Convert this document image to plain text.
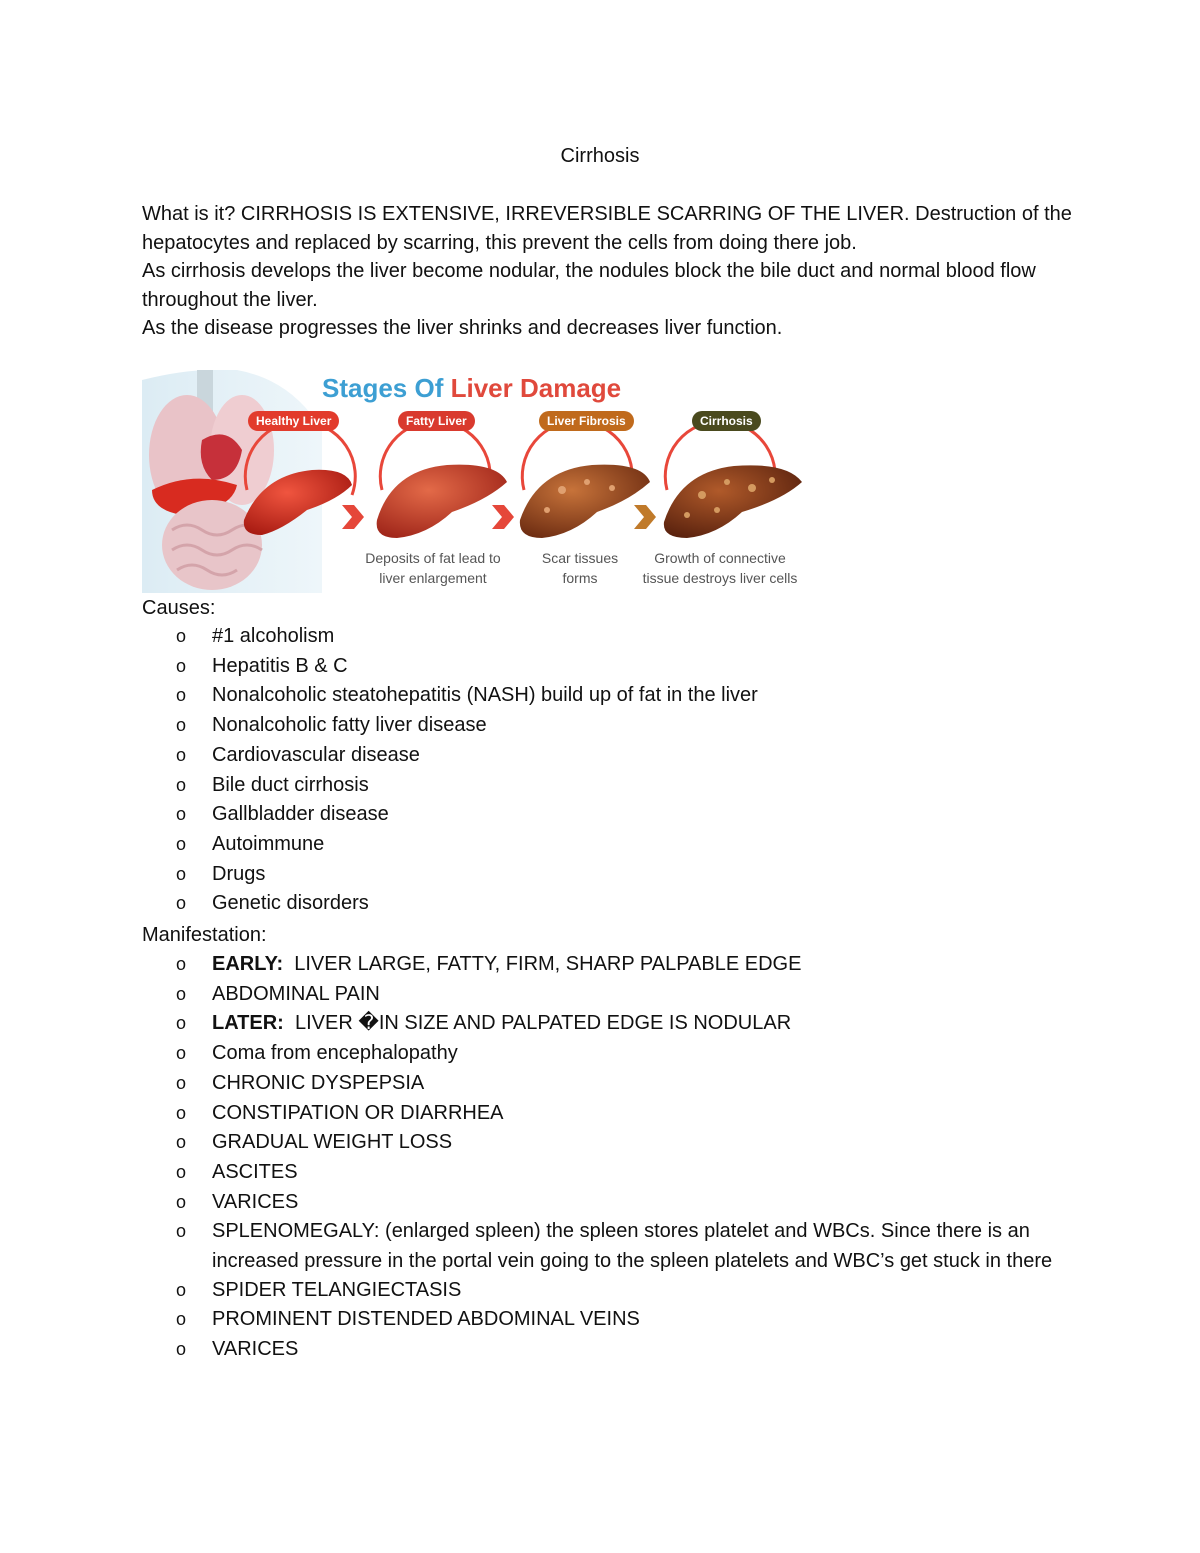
Cirrhosis

What is it? CIRRHOSIS IS EXTENSIVE, IRREVERSIBLE SCARRING OF THE LIVER. Destruction of the hepatocytes and replaced by scarring, this prevent the cells from doing there job.

As cirrhosis develops the liver become nodular, the nodules block the bile duct and normal blood flow throughout the liver.

As the disease progresses the liver shrinks and decreases liver function.

Stages Of Liver Damage
Healthy Liver	Fatty Liver	Liver Fibrosis	Cirrhosis
Deposits of fat lead to
liver enlargement
Scar tissues
forms
Growth of connective
tissue destroys liver cells
Causes:
o #1 alcoholism
o Hepatitis B & C
o Nonalcoholic steatohepatitis (NASH) build up of fat in the liver
o Nonalcoholic fatty liver disease
o Cardiovascular disease
o Bile duct cirrhosis
o Gallbladder disease
o Autoimmune
o Drugs
o Genetic disorders
Manifestation:
o EARLY:  LIVER LARGE, FATTY, FIRM, SHARP PALPABLE EDGE
o ABDOMINAL PAIN
o LATER:  LIVER �IN SIZE AND PALPATED EDGE IS NODULAR
o Coma from encephalopathy
o CHRONIC DYSPEPSIA
o CONSTIPATION OR DIARRHEA
o GRADUAL WEIGHT LOSS
o ASCITES
o VARICES
o SPLENOMEGALY: (enlarged spleen) the spleen stores platelet and WBCs. Since there is an increased pressure in the portal vein going to the spleen platelets and WBC’s get stuck in there
o SPIDER TELANGIECTASIS
o PROMINENT DISTENDED ABDOMINAL VEINS
o VARICES
